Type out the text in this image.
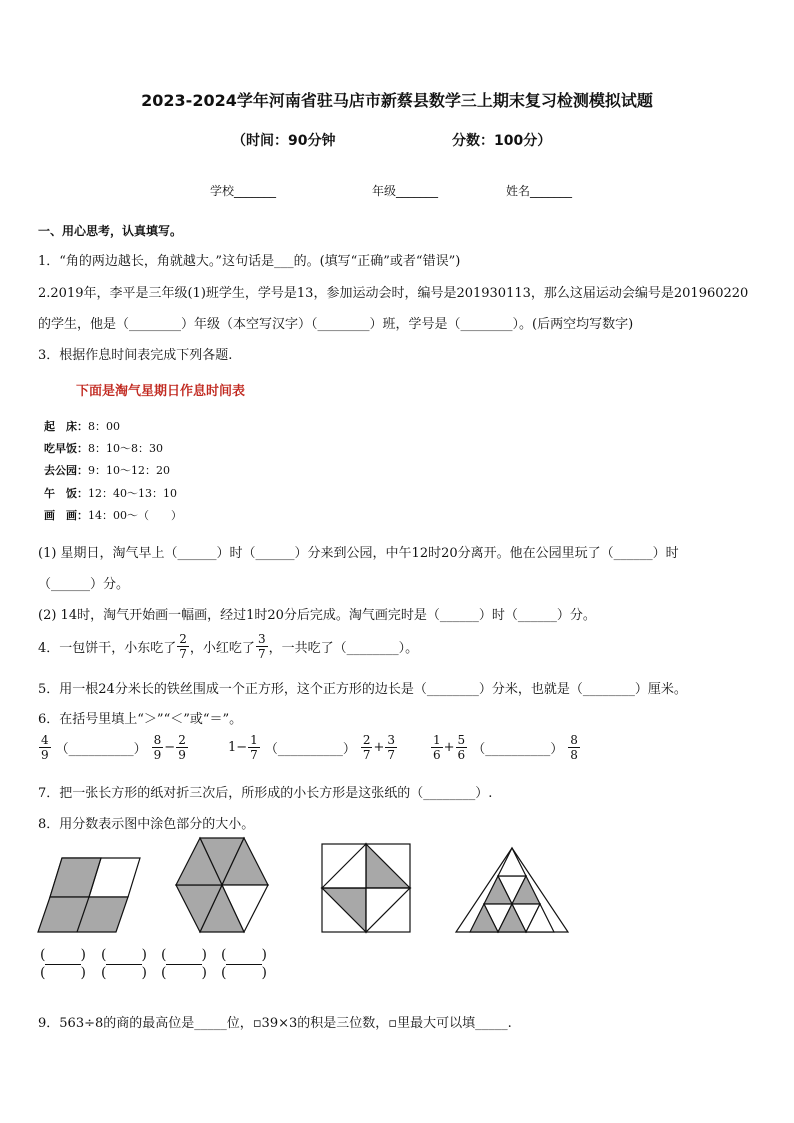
2023-2024学年河南省驻马店市新蔡县数学三上期末复习检测模拟试题
（时间：90分钟	分数：100分）
学校_______	年级_______	姓名_______
一、用心思考，认真填写。
1．“角的两边越长，角就越大。”这句话是___的。(填写“正确”或者“错误”)
2.2019年，李平是三年级(1)班学生，学号是13，参加运动会时，编号是201930113，那么这届运动会编号是201960220
的学生，他是（________）年级（本空写汉字）（________）班，学号是（________）。(后两空均写数字)
3．根据作息时间表完成下列各题.
下面是淘气星期日作息时间表
起　床：8：00
吃早饭：8：10～8：30
去公园：9：10～12：20
午　饭：12：40～13：10
画　画：14：00～（　　）
(1) 星期日，淘气早上（______）时（______）分来到公园，中午12时20分离开。他在公园里玩了（______）时
（______）分。
(2) 14时，淘气开始画一幅画，经过1时20分后完成。淘气画完时是（______）时（______）分。
4．一包饼干，小东吃了 $\frac{2}{7}$ ，小红吃了 $\frac{3}{7}$ ，一共吃了（________）。
5．用一根24分米长的铁丝围成一个正方形，这个正方形的边长是（________）分米，也就是（________）厘米。
6．在括号里填上“＞”“＜”或“＝”。
$\frac{4}{9}$ （__________） $\frac{8}{9} - \frac{2}{9}$	$1- \frac{1}{7}$ （__________） $\frac{2}{7} + \frac{3}{7}$	$\frac{1}{6} + \frac{5}{6}$ （__________） $\frac{8}{8}$
7．把一张长方形的纸对折三次后，所形成的小长方形是这张纸的（________）.
8．用分数表示图中涂色部分的大小。
(	)
(	)
(	)
(	)
(	)
(	)
(	)
(	)
9．563÷8的商的最高位是_____位，▫39×3的积是三位数，▫里最大可以填_____.
